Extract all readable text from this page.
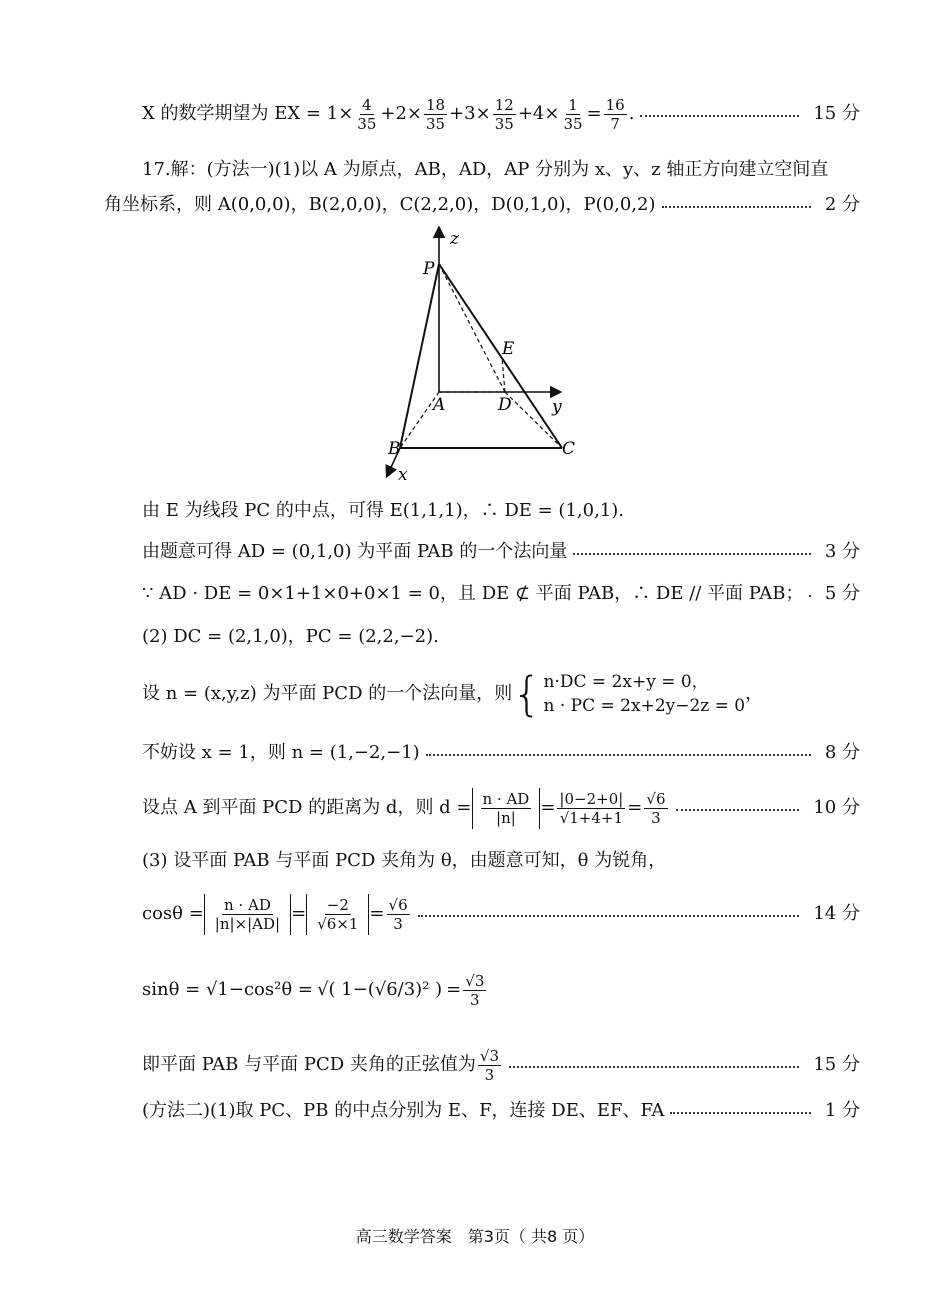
X 的数学期望为 EX = $1\times \frac{4}{35} +2\times \frac{18}{35} +3\times \frac{12}{35} +4\times \frac{1}{35} = \frac{16}{7}$ .	15 分
17.解：(方法一)(1)以 A 为原点，AB，AD，AP 分别为 x、y、z 轴正方向建立空间直
角坐标系，则 A(0,0,0)，B(2,0,0)，C(2,2,0)，D(0,1,0)，P(0,0,2)	2 分
z
P
E
A	D y
B	C
x
由 E 为线段 PC 的中点，可得 E(1,1,1)，∴ DE = (1,0,1).
由题意可得 AD = (0,1,0) 为平面 PAB 的一个法向量	3 分
∵ AD · DE = 0×1+1×0+0×1 = 0，且 DE ⊄ 平面 PAB，∴ DE // 平面 PAB； 5 分
(2) DC = (2,1,0)，PC = (2,2,−2).
设 n = (x,y,z) 为平面 PCD 的一个法向量，则 { n·DC = 2x+y = 0，
n · PC = 2x+2y−2z = 0
，
不妨设 x = 1，则 n = (1,−2,−1)	8 分
设点 A 到平面 PCD 的距离为 d，则 $d = \frac{n \cdot AD}{|n|} = \frac{|0-2+0|}{√1+4+1} = \frac{√6}{3}$	10 分
(3) 设平面 PAB 与平面 PCD 夹角为 θ，由题意可知，θ 为锐角，
$\cos\theta = \frac{n \cdot AD}{|n|\times|AD|} = \frac{-2}{√6\times 1} = \frac{√6}{3}$	14 分
sinθ = √1−cos²θ = √( 1−(√6/3)² ) = $\frac{√3}{3}$
即平面 PAB 与平面 PCD 夹角的正弦值为 $\frac{√3}{3}$	15 分
(方法二)(1)取 PC、PB 的中点分别为 E、F，连接 DE、EF、FA	1 分
高三数学答案　第3页（ 共8 页）
